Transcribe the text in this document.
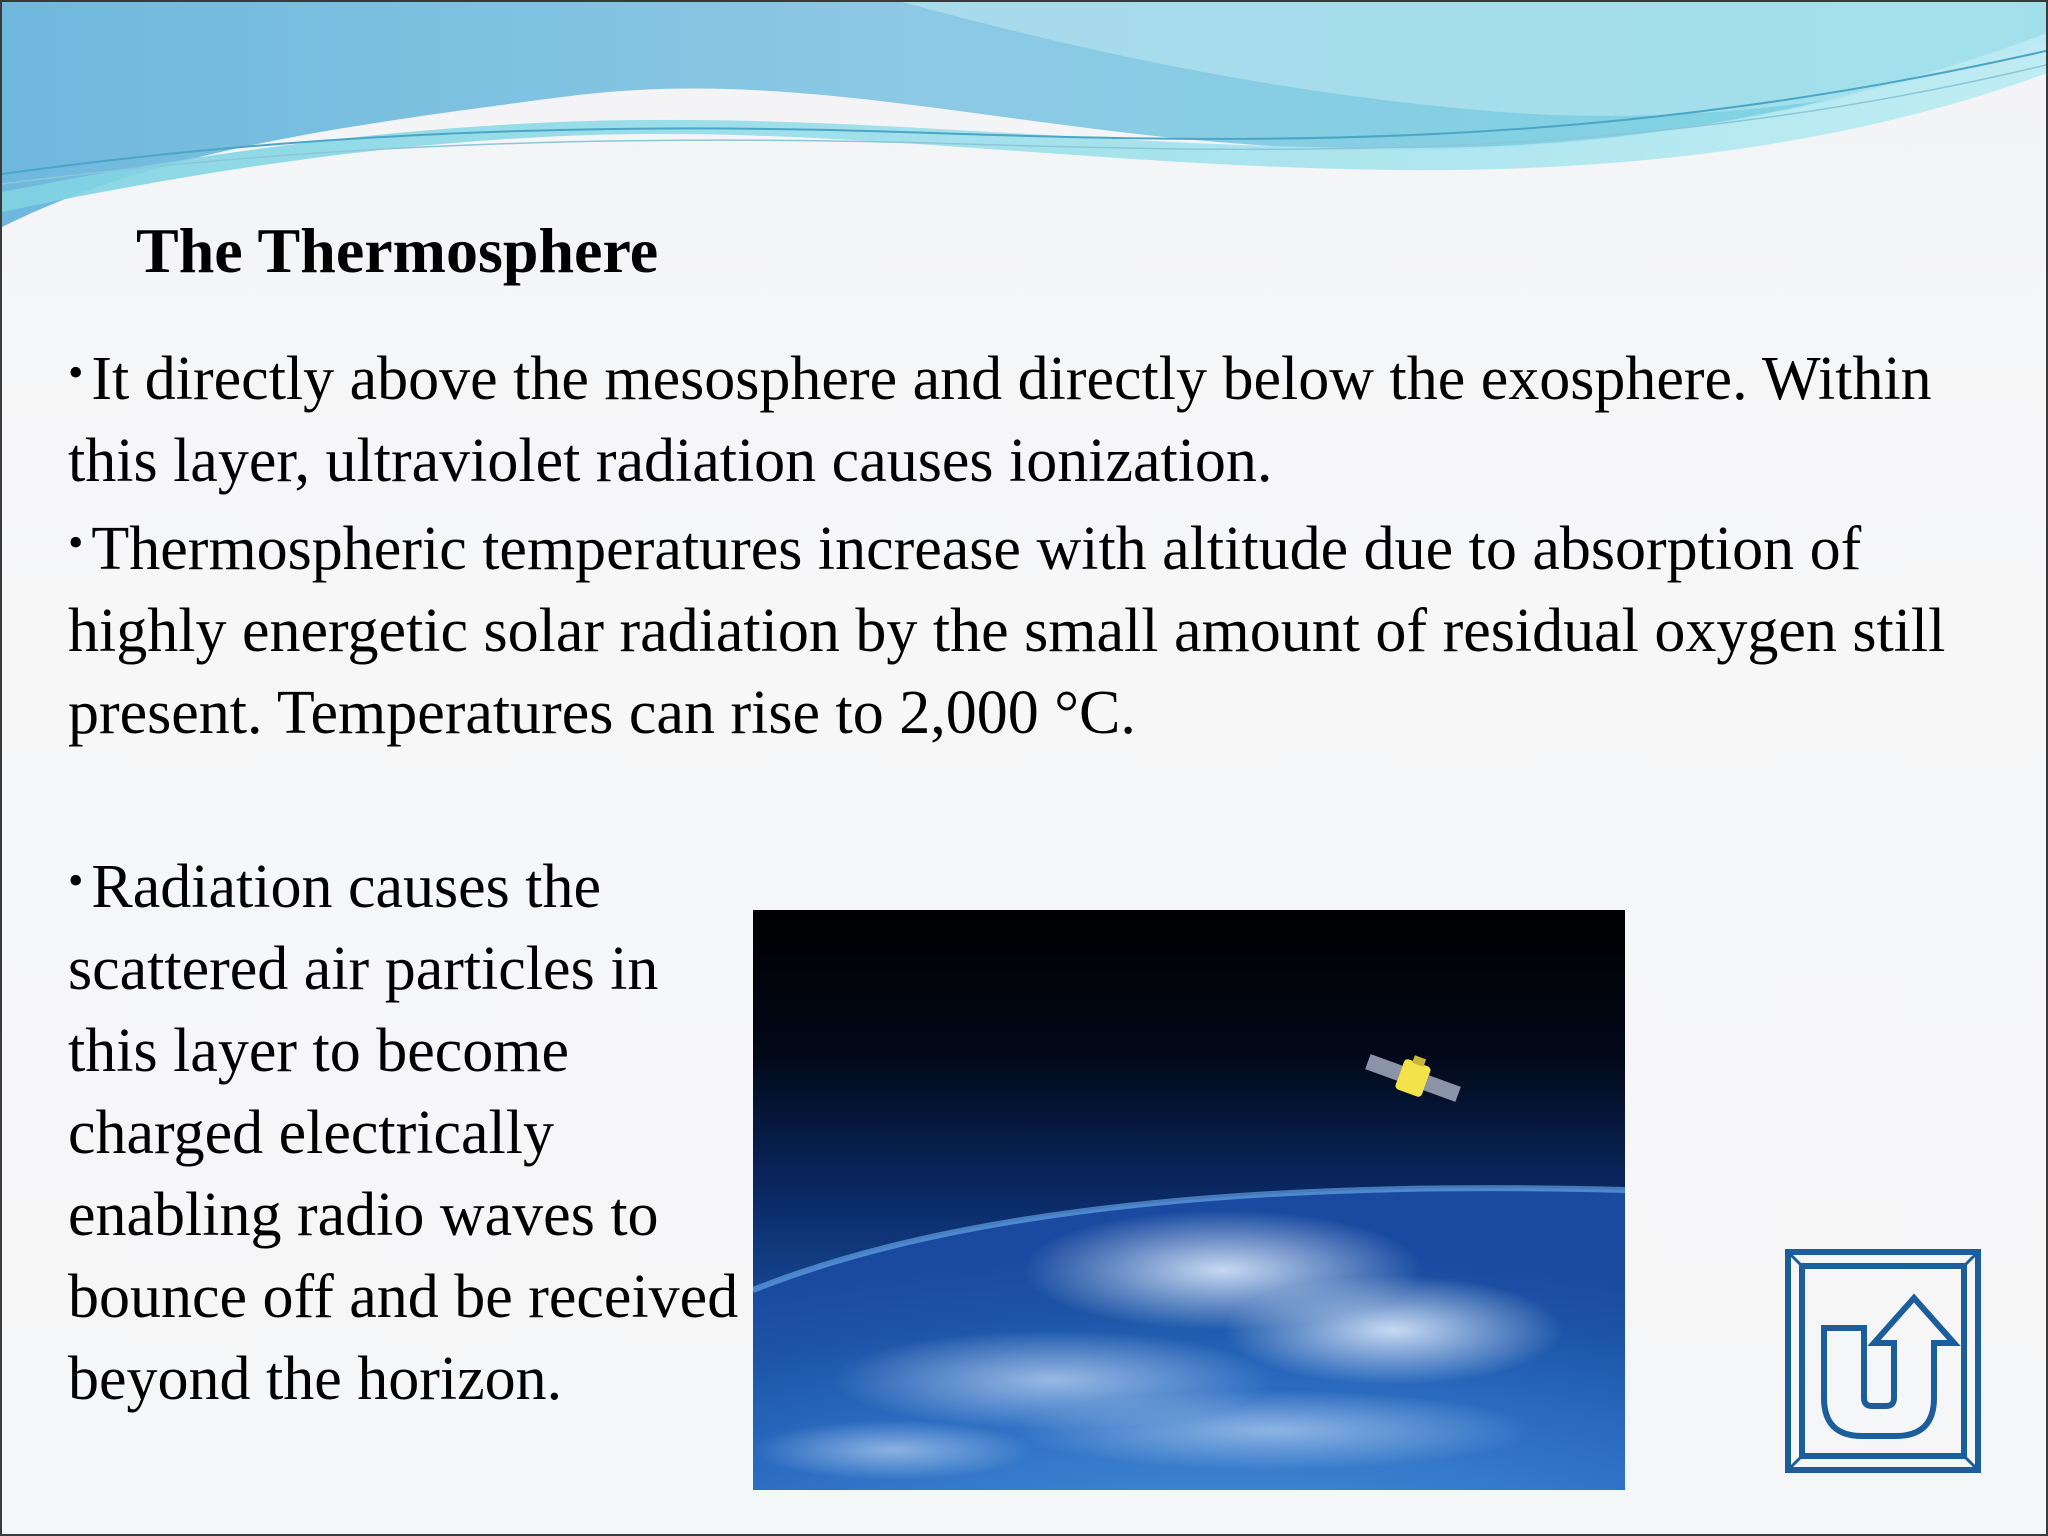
The Thermosphere

• It directly above the mesosphere and directly below the exosphere. Within this layer, ultraviolet radiation causes ionization.

• Thermospheric temperatures increase with altitude due to absorption of highly energetic solar radiation by the small amount of residual oxygen still present. Temperatures can rise to 2,000 °C.

• Radiation causes the scattered air particles in this layer to become charged electrically enabling radio waves to bounce off and be received beyond the horizon.
